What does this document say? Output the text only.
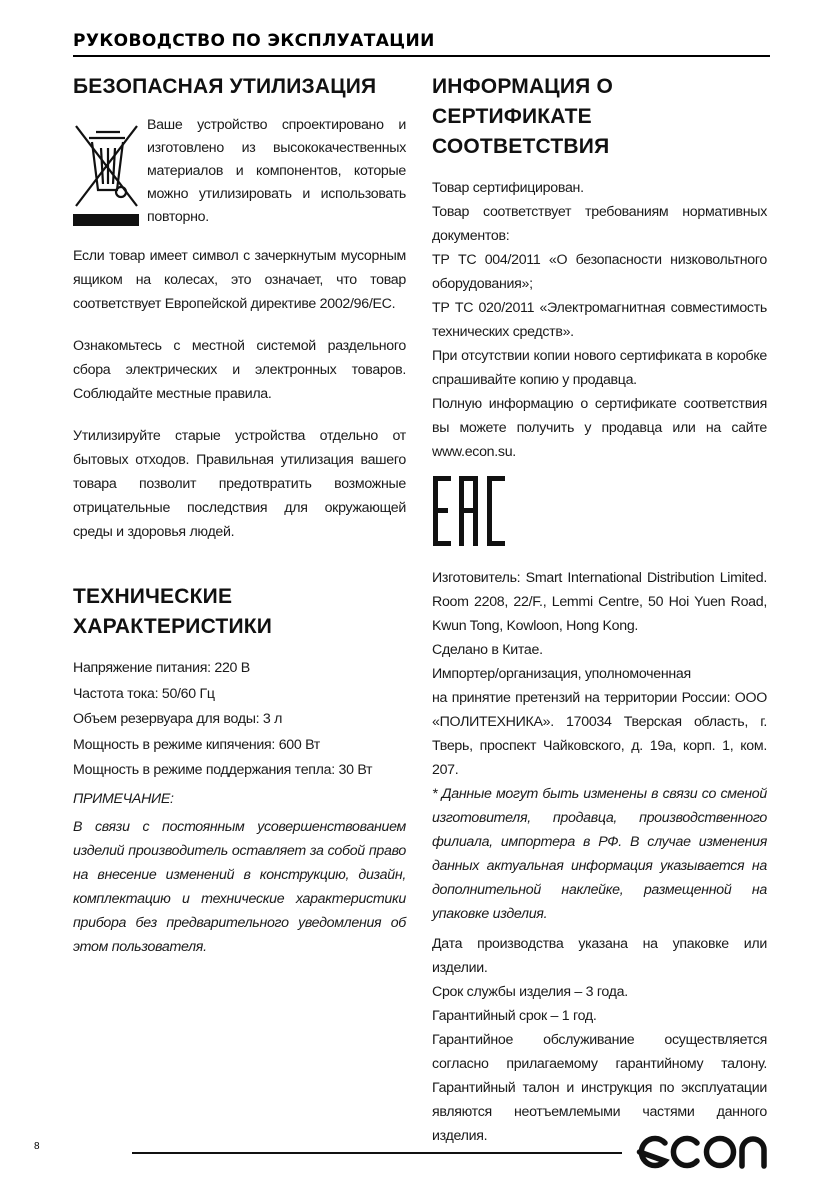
РУКОВОДСТВО ПО ЭКСПЛУАТАЦИИ
БЕЗОПАСНАЯ УТИЛИЗАЦИЯ

Ваше устройство спроектировано и изготовлено из высококачественных материалов и компонентов, которые можно утилизировать и использовать повторно.

Если товар имеет символ с зачеркнутым мусорным ящиком на колесах, это означает, что товар соответствует Европейской директиве 2002/96/ЕС.

Ознакомьтесь с местной системой раздельного сбора электрических и электронных товаров. Соблюдайте местные правила.

Утилизируйте старые устройства отдельно от бытовых отходов. Правильная утилизация вашего товара позволит предотвратить возможные отрицательные последствия для окружающей среды и здоровья людей.

ТЕХНИЧЕСКИЕ ХАРАКТЕРИСТИКИ
Напряжение питания: 220 В
Частота тока: 50/60 Гц
Объем резервуара для воды: 3 л
Мощность в режиме кипячения: 600 Вт
Мощность в режиме поддержания тепла: 30 Вт
ПРИМЕЧАНИЕ:

В связи с постоянным усовершенствованием изделий производитель оставляет за собой право на внесение изменений в конструкцию, дизайн, комплектацию и технические характеристики прибора без предварительного уведомления об этом пользователя.

ИНФОРМАЦИЯ О СЕРТИФИКАТЕ СООТВЕТСТВИЯ

Товар сертифицирован.

Товар соответствует требованиям нормативных документов:

ТР ТС 004/2011 «О безопасности низковольтного оборудования»;

ТР ТС 020/2011 «Электромагнитная совместимость технических средств».

При отсутствии копии нового сертификата в коробке спрашивайте копию у продавца.

Полную информацию о сертификате соответствия вы можете получить у продавца или на сайте www.econ.su.

Изготовитель: Smart International Distribution Limited. Room 2208, 22/F., Lemmi Centre, 50 Hoi Yuen Road, Kwun Tong, Kowloon, Hong Kong.

Сделано в Китае.

Импортер/организация, уполномоченная

на принятие претензий на территории России: ООО «ПОЛИТЕХНИКА». 170034 Тверская область, г. Тверь, проспект Чайковского, д. 19а, корп. 1, ком. 207.

* Данные могут быть изменены в связи со сменой изготовителя, продавца, производственного филиала, импортера в РФ. В случае изменения данных актуальная информация указывается на дополнительной наклейке, размещенной на упаковке изделия.

Дата производства указана на упаковке или изделии.

Срок службы изделия – 3 года.

Гарантийный срок – 1 год.

Гарантийное обслуживание осуществляется согласно прилагаемому гарантийному талону. Гарантийный талон и инструкция по эксплуатации являются неотъемлемыми частями данного изделия.

8
